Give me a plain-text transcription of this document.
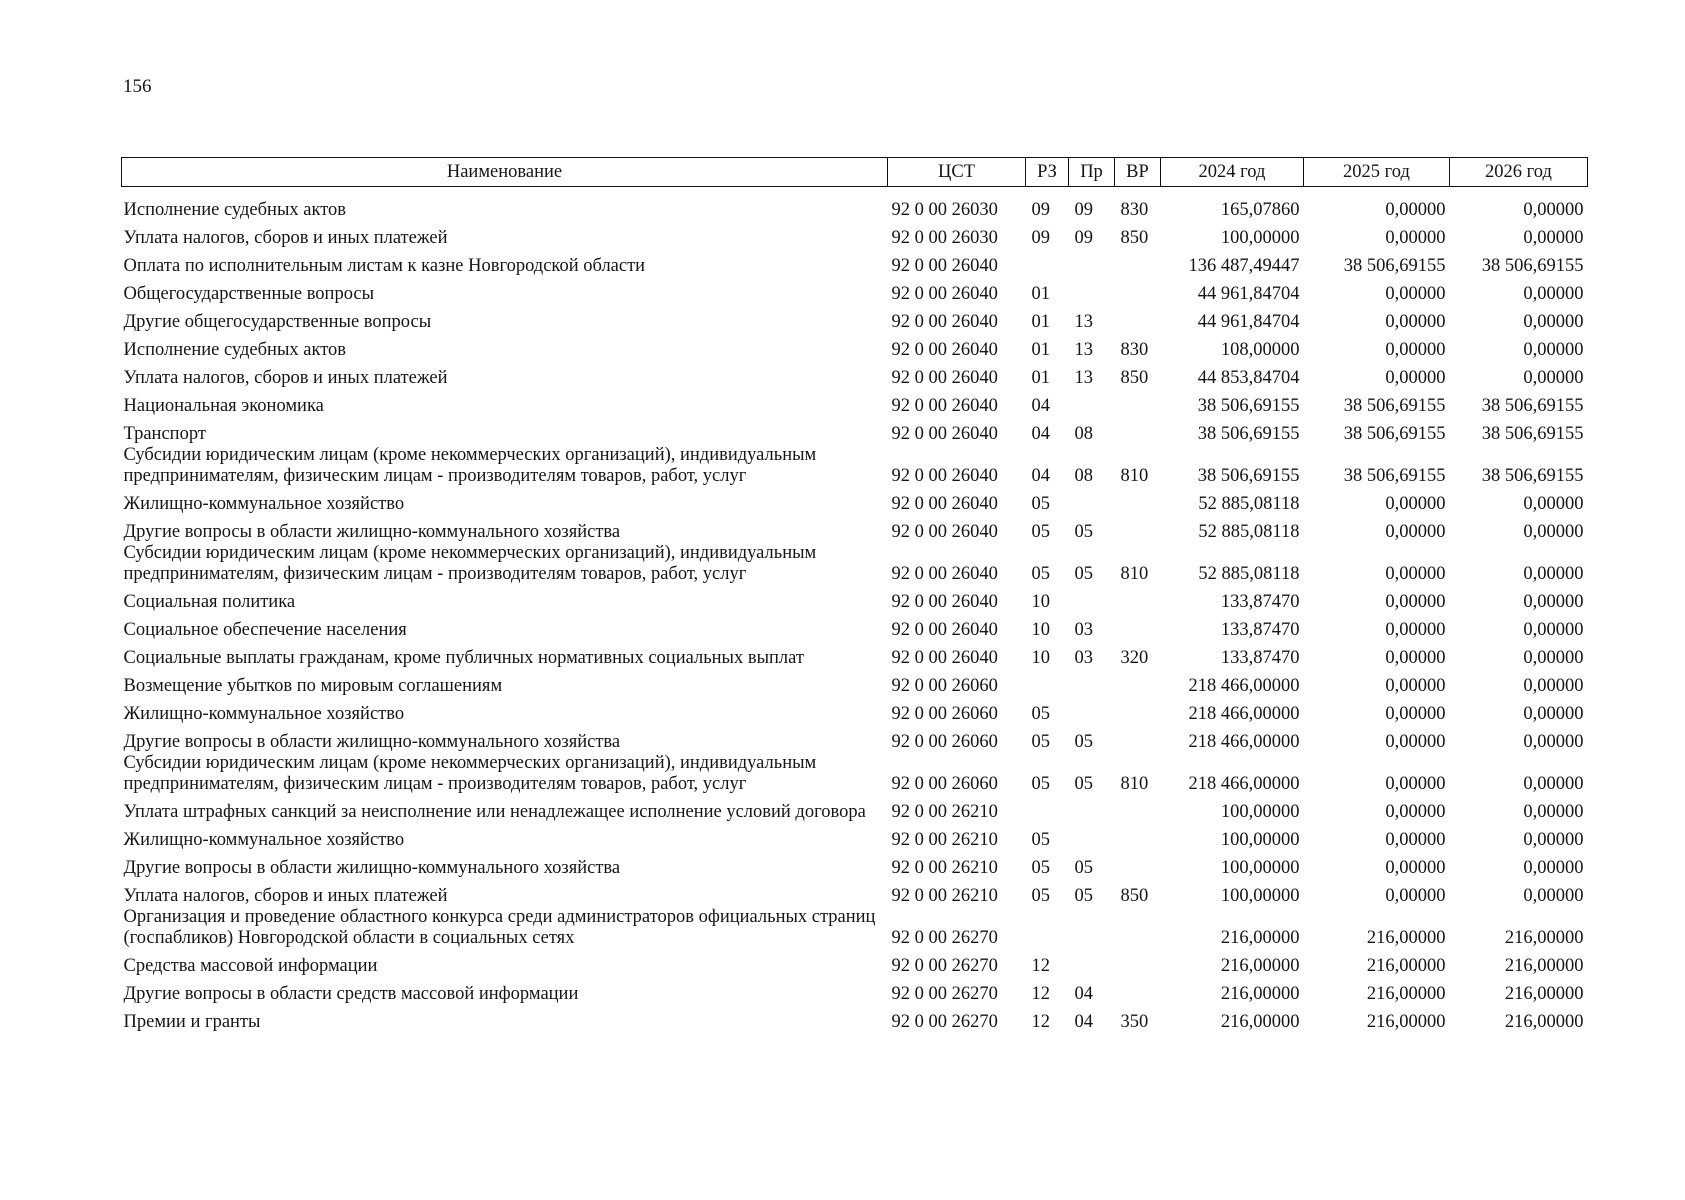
156
Наименование	ЦСТ	РЗ	Пр	ВР	2024 год	2025 год	2026 год
Исполнение судебных актов	92 0 00 26030	09	09	830	165,07860	0,00000	0,00000
Уплата налогов, сборов и иных платежей	92 0 00 26030	09	09	850	100,00000	0,00000	0,00000
Оплата по исполнительным листам к казне Новгородской области	92 0 00 26040				136 487,49447	38 506,69155	38 506,69155
Общегосударственные вопросы	92 0 00 26040	01			44 961,84704	0,00000	0,00000
Другие общегосударственные вопросы	92 0 00 26040	01	13		44 961,84704	0,00000	0,00000
Исполнение судебных актов	92 0 00 26040	01	13	830	108,00000	0,00000	0,00000
Уплата налогов, сборов и иных платежей	92 0 00 26040	01	13	850	44 853,84704	0,00000	0,00000
Национальная экономика	92 0 00 26040	04			38 506,69155	38 506,69155	38 506,69155
Транспорт	92 0 00 26040	04	08		38 506,69155	38 506,69155	38 506,69155
Субсидии юридическим лицам (кроме некоммерческих организаций), индивидуальным предпринимателям, физическим лицам - производителям товаров, работ, услуг	92 0 00 26040	04	08	810	38 506,69155	38 506,69155	38 506,69155
Жилищно-коммунальное хозяйство	92 0 00 26040	05			52 885,08118	0,00000	0,00000
Другие вопросы в области жилищно-коммунального хозяйства	92 0 00 26040	05	05		52 885,08118	0,00000	0,00000
Субсидии юридическим лицам (кроме некоммерческих организаций), индивидуальным предпринимателям, физическим лицам - производителям товаров, работ, услуг	92 0 00 26040	05	05	810	52 885,08118	0,00000	0,00000
Социальная политика	92 0 00 26040	10			133,87470	0,00000	0,00000
Социальное обеспечение населения	92 0 00 26040	10	03		133,87470	0,00000	0,00000
Социальные выплаты гражданам, кроме публичных нормативных социальных выплат	92 0 00 26040	10	03	320	133,87470	0,00000	0,00000
Возмещение убытков по мировым соглашениям	92 0 00 26060				218 466,00000	0,00000	0,00000
Жилищно-коммунальное хозяйство	92 0 00 26060	05			218 466,00000	0,00000	0,00000
Другие вопросы в области жилищно-коммунального хозяйства	92 0 00 26060	05	05		218 466,00000	0,00000	0,00000
Субсидии юридическим лицам (кроме некоммерческих организаций), индивидуальным предпринимателям, физическим лицам - производителям товаров, работ, услуг	92 0 00 26060	05	05	810	218 466,00000	0,00000	0,00000
Уплата штрафных санкций за неисполнение или ненадлежащее исполнение условий договора	92 0 00 26210				100,00000	0,00000	0,00000
Жилищно-коммунальное хозяйство	92 0 00 26210	05			100,00000	0,00000	0,00000
Другие вопросы в области жилищно-коммунального хозяйства	92 0 00 26210	05	05		100,00000	0,00000	0,00000
Уплата налогов, сборов и иных платежей	92 0 00 26210	05	05	850	100,00000	0,00000	0,00000
Организация и проведение областного конкурса среди администраторов официальных страниц (госпабликов) Новгородской области в социальных сетях	92 0 00 26270				216,00000	216,00000	216,00000
Средства массовой информации	92 0 00 26270	12			216,00000	216,00000	216,00000
Другие вопросы в области средств массовой информации	92 0 00 26270	12	04		216,00000	216,00000	216,00000
Премии и гранты	92 0 00 26270	12	04	350	216,00000	216,00000	216,00000
